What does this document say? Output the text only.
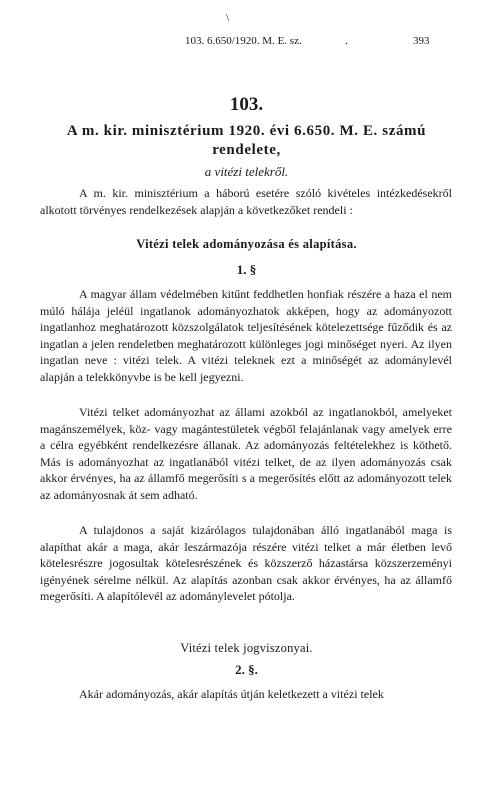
\
103. 6.650/1920. M. E. sz.	.	393
103.
A m. kir. minisztérium 1920. évi 6.650. M. E. számú rendelete,
a vitézi telekről.

A m. kir. minisztérium a háború esetére szóló kivételes intézkedésekről alkotott törvényes rendelkezések alapján a következőket rendeli :

Vitézi telek adományozása és alapítása.
1. §

A magyar állam védelmében kitűnt feddhetlen honfiak részére a haza el nem múló hálája jeléül ingatlanok adományozhatok akképen, hogy az adományozott ingatlanhoz meghatározott közszolgálatok teljesítésének kötelezettsége fűződik és az ingatlan a jelen rendeletben meghatározott különleges jogi minőséget nyeri. Az ilyen ingatlan neve : vitézi telek. A vitézi teleknek ezt a minőségét az adománylevél alapján a telekkönyvbe is be kell jegyezni.

Vitézi telket adományozhat az állami azokból az ingatlanokból, amelyeket magánszemélyek, köz- vagy magántestületek végből felajánlanak vagy amelyek erre a célra egyébként rendelkezésre állanak. Az adományozás feltételekhez is köthető. Más is adományozhat az ingatlanából vitézi telket, de az ilyen adományozás csak akkor érvényes, ha az államfő megerősíti s a megerősítés előtt az adományozott telek az adományosnak át sem adható.

A tulajdonos a saját kizárólagos tulajdonában álló ingatlanából maga is alapíthat akár a maga, akár leszármazója részére vitézi telket a már életben levő kötelesrészre jogosultak kötelesrészének és közszerző házastársa közszerzeményi igényének sérelme nélkül. Az alapítás azonban csak akkor érvényes, ha az államfő megerősíti. A alapítólevél az adománylevelet pótolja.

Vitézi telek jogviszonyai.
2. §.

Akár adományozás, akár alapítás útján keletkezett a vitézi telek
